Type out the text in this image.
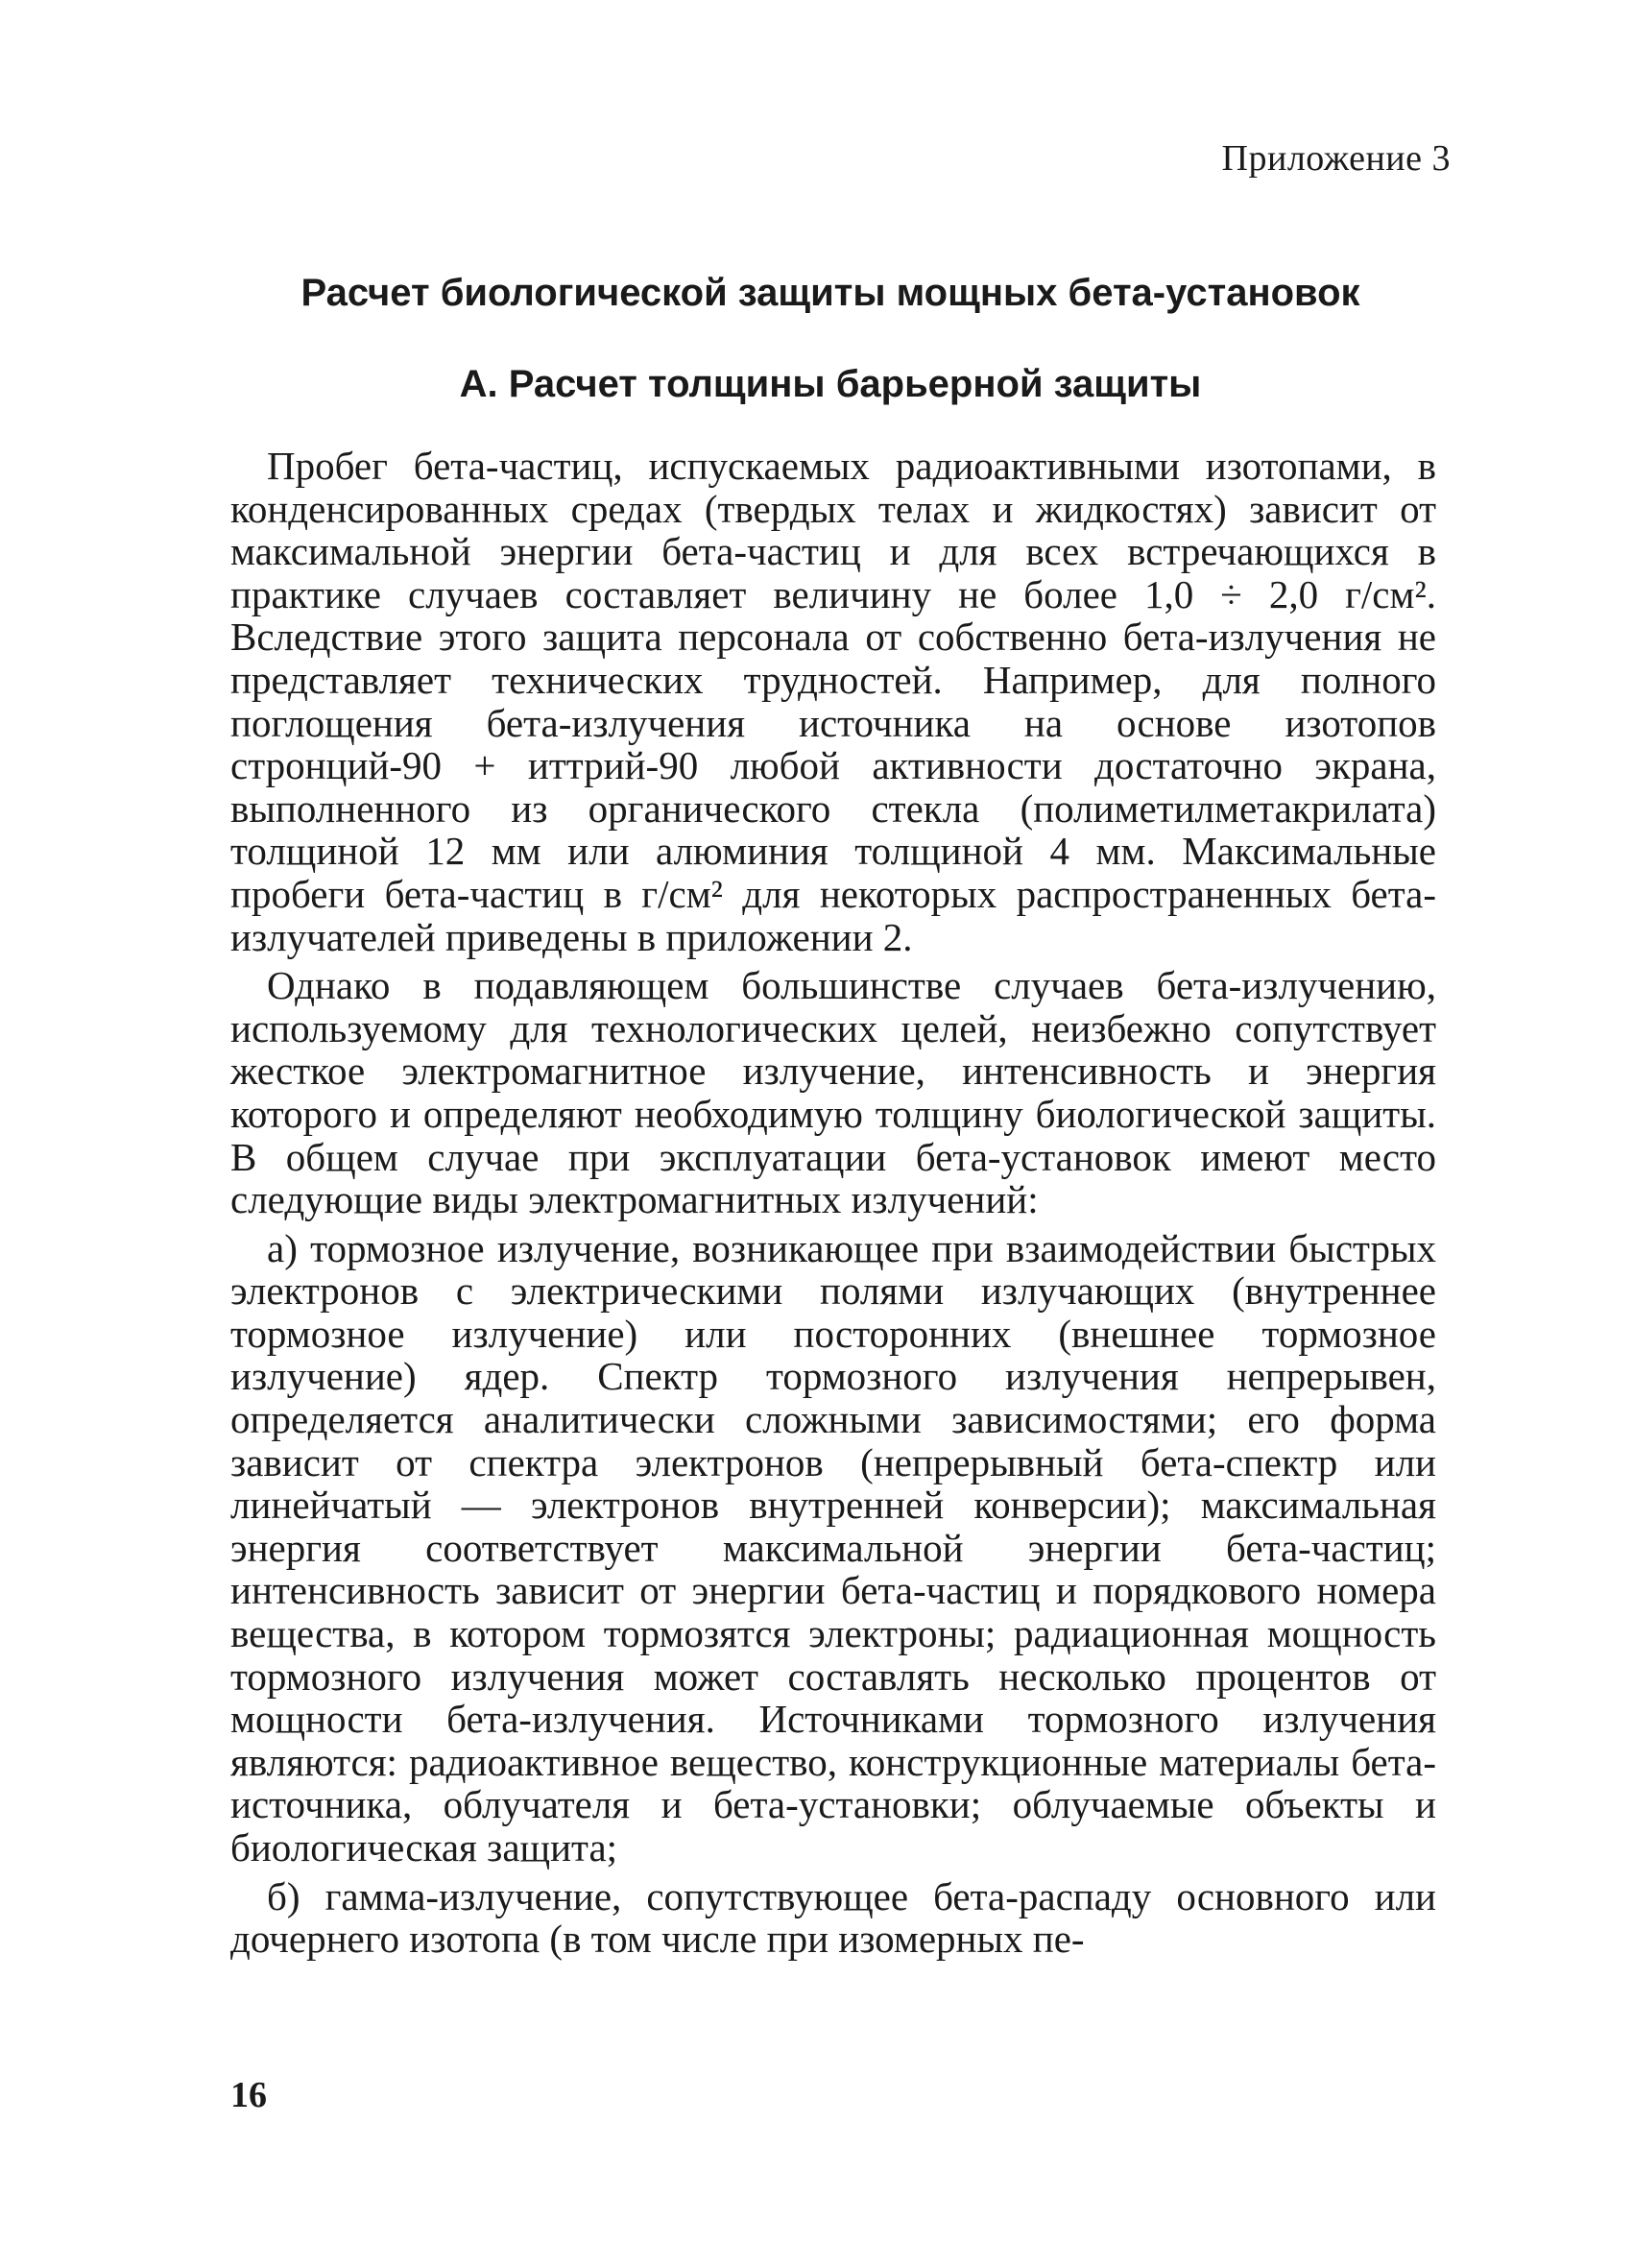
Приложение 3
Расчет биологической защиты мощных бета-установок
А. Расчет толщины барьерной защиты

Пробег бета-частиц, испускаемых радиоактивными изотопами, в конденсированных средах (твердых телах и жидкостях) зависит от максимальной энергии бета-частиц и для всех встречающихся в практике случаев составляет величину не более 1,0 ÷ 2,0 г/см². Вследствие этого защита персонала от собственно бета-излучения не представляет технических трудностей. Например, для полного поглощения бета-излучения источника на основе изотопов стронций-90 + иттрий-90 любой активности достаточно экрана, выполненного из органического стекла (полиметилметакрилата) толщиной 12 мм или алюминия толщиной 4 мм. Максимальные пробеги бета-частиц в г/см² для некоторых распространенных бета-излучателей приведены в приложении 2.

Однако в подавляющем большинстве случаев бета-излучению, используемому для технологических целей, неизбежно сопутствует жесткое электромагнитное излучение, интенсивность и энергия которого и определяют необходимую толщину биологической защиты. В общем случае при эксплуатации бета-установок имеют место следующие виды электромагнитных излучений:

а) тормозное излучение, возникающее при взаимодействии быстрых электронов с электрическими полями излучающих (внутреннее тормозное излучение) или посторонних (внешнее тормозное излучение) ядер. Спектр тормозного излучения непрерывен, определяется аналитически сложными зависимостями; его форма зависит от спектра электронов (непрерывный бета-спектр или линейчатый — электронов внутренней конверсии); максимальная энергия соответствует максимальной энергии бета-частиц; интенсивность зависит от энергии бета-частиц и порядкового номера вещества, в котором тормозятся электроны; радиационная мощность тормозного излучения может составлять несколько процентов от мощности бета-излучения. Источниками тормозного излучения являются: радиоактивное вещество, конструкционные материалы бета-источника, облучателя и бета-установки; облучаемые объекты и биологическая защита;

б) гамма-излучение, сопутствующее бета-распаду основного или дочернего изотопа (в том числе при изомерных пе-

16
